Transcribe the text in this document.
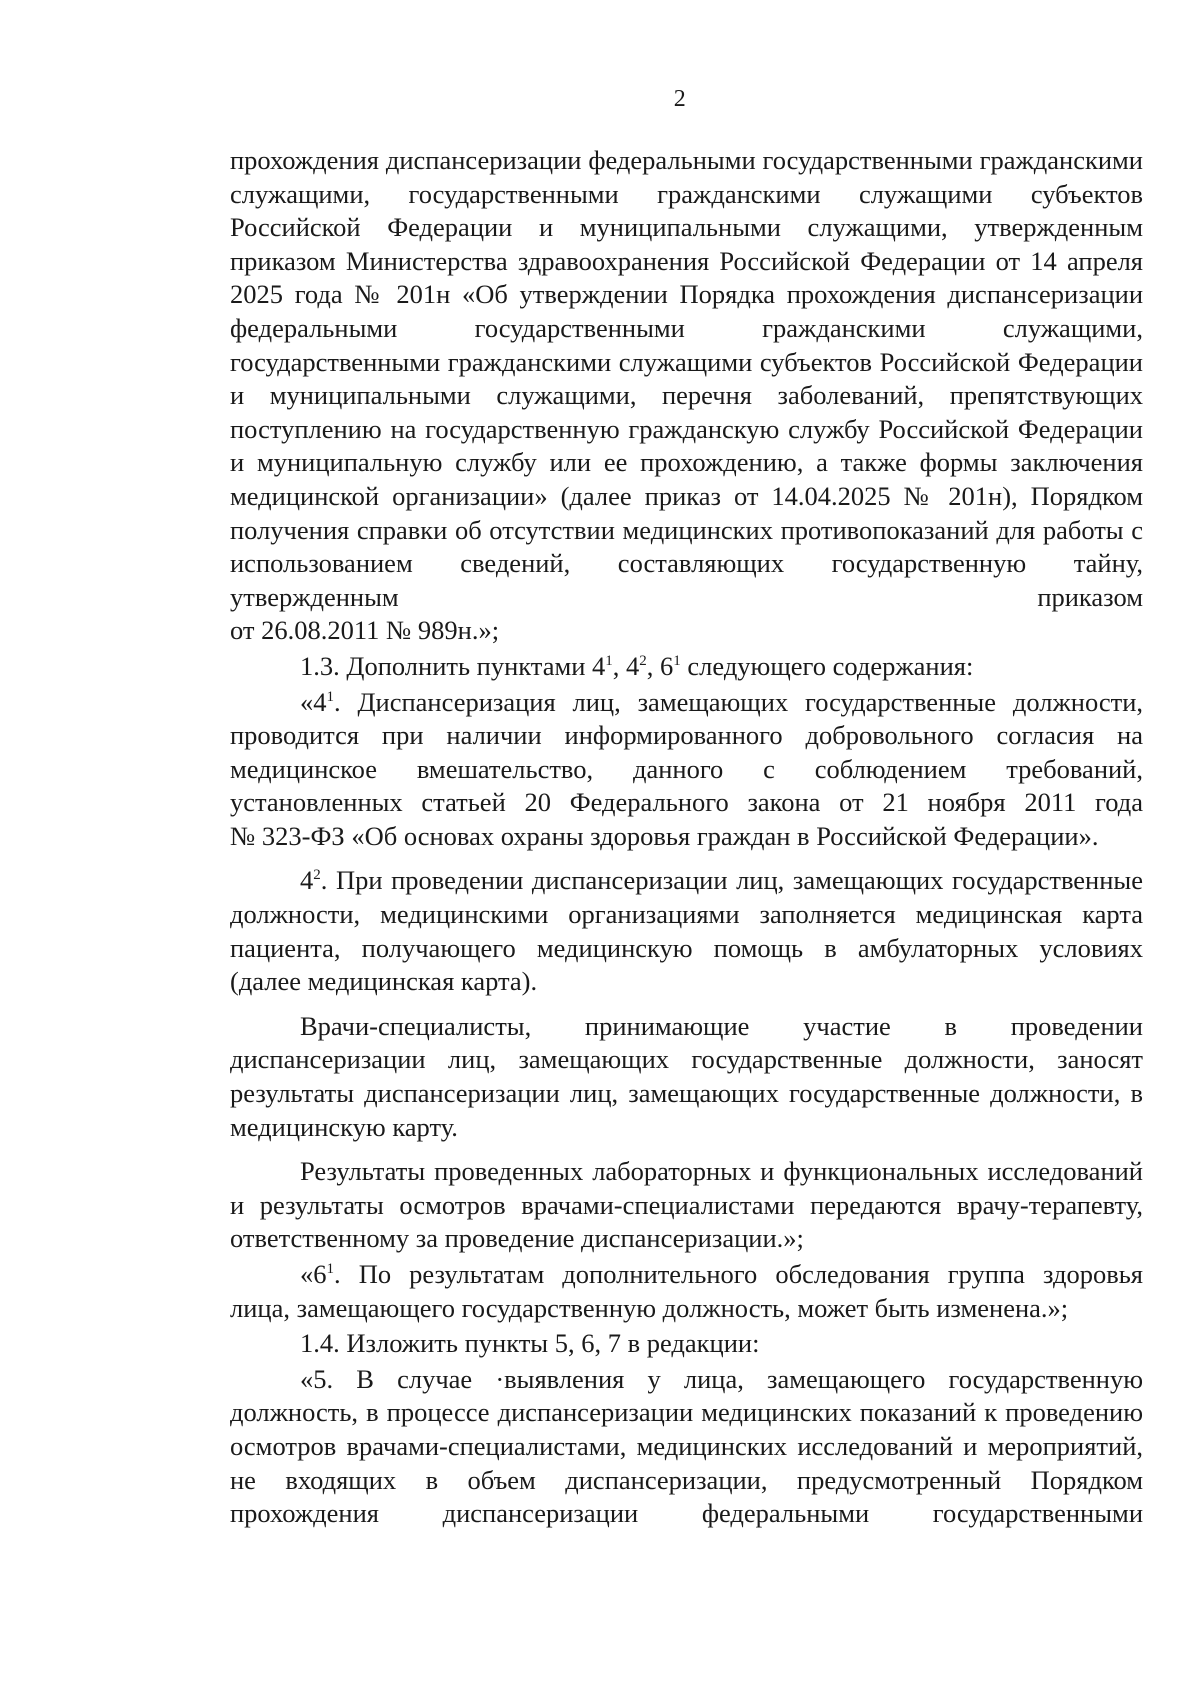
2

прохождения диспансеризации федеральными государственными гражданскими служащими, государственными гражданскими служащими субъектов Российской Федерации и муниципальными служащими, утвержденным приказом Министерства здравоохранения Российской Федерации от 14 апреля 2025 года № 201н «Об утверждении Порядка прохождения диспансеризации федеральными государственными гражданскими служащими, государственными гражданскими служащими субъектов Российской Федерации и муниципальными служащими, перечня заболеваний, препятствующих поступлению на государственную гражданскую службу Российской Федерации и муниципальную службу или ее прохождению, а также формы заключения медицинской организации» (далее приказ от 14.04.2025 № 201н), Порядком получения справки об отсутствии медицинских противопоказаний для работы с использованием сведений, составляющих государственную тайну, утвержденным приказом
от 26.08.2011 № 989н.»;

1.3. Дополнить пунктами $4^1$, $4^2$, $6^1$ следующего содержания:

«$4^1$. Диспансеризация лиц, замещающих государственные должности, проводится при наличии информированного добровольного согласия на медицинское вмешательство, данного с соблюдением требований, установленных статьей 20 Федерального закона от 21 ноября 2011 года
№ 323-ФЗ «Об основах охраны здоровья граждан в Российской Федерации».

$4^2$. При проведении диспансеризации лиц, замещающих государственные должности, медицинскими организациями заполняется медицинская карта пациента, получающего медицинскую помощь в амбулаторных условиях
(далее медицинская карта).

Врачи-специалисты, принимающие участие в проведении диспансеризации лиц, замещающих государственные должности, заносят результаты диспансеризации лиц, замещающих государственные должности, в
медицинскую карту.

Результаты проведенных лабораторных и функциональных исследований и результаты осмотров врачами-специалистами передаются врачу-терапевту,
ответственному за проведение диспансеризации.»;

«$6^1$. По результатам дополнительного обследования группа здоровья
лица, замещающего государственную должность, может быть изменена.»;

1.4. Изложить пункты 5, 6, 7 в редакции:

«5. В случае ·выявления у лица, замещающего государственную должность, в процессе диспансеризации медицинских показаний к проведению осмотров врачами-специалистами, медицинских исследований и мероприятий, не входящих в объем диспансеризации, предусмотренный Порядком прохождения диспансеризации федеральными государственными
